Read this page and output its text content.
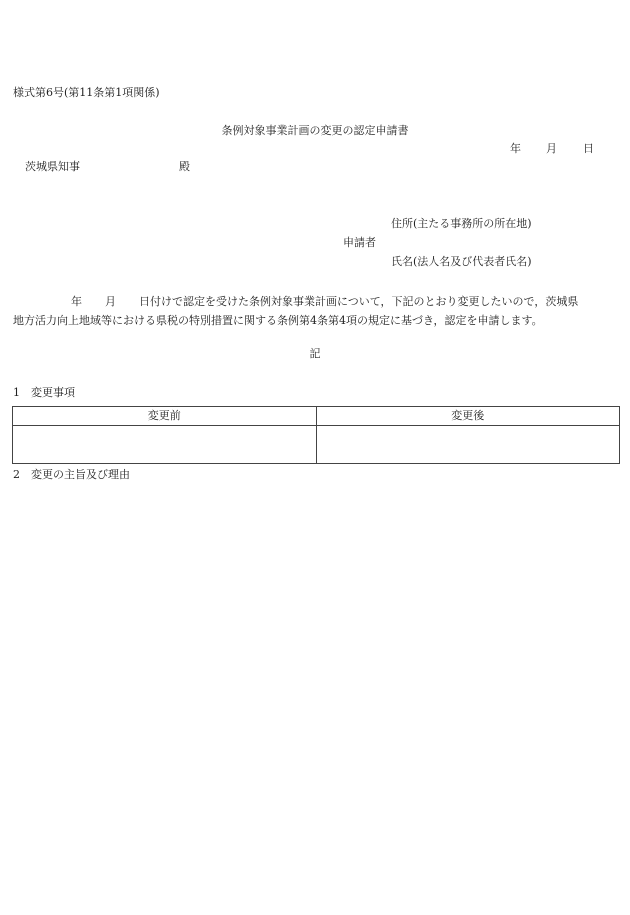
様式第6号(第11条第1項関係)
条例対象事業計画の変更の認定申請書
年 月 日
茨城県知事	殿
住所(主たる事務所の所在地)
申請者
氏名(法人名及び代表者氏名)
年 月 日付けで認定を受けた条例対象事業計画について，下記のとおり変更したいので，茨城県
地方活力向上地域等における県税の特別措置に関する条例第4条第4項の規定に基づき，認定を申請します。
記
1　変更事項
変更前	変更後

2　変更の主旨及び理由
